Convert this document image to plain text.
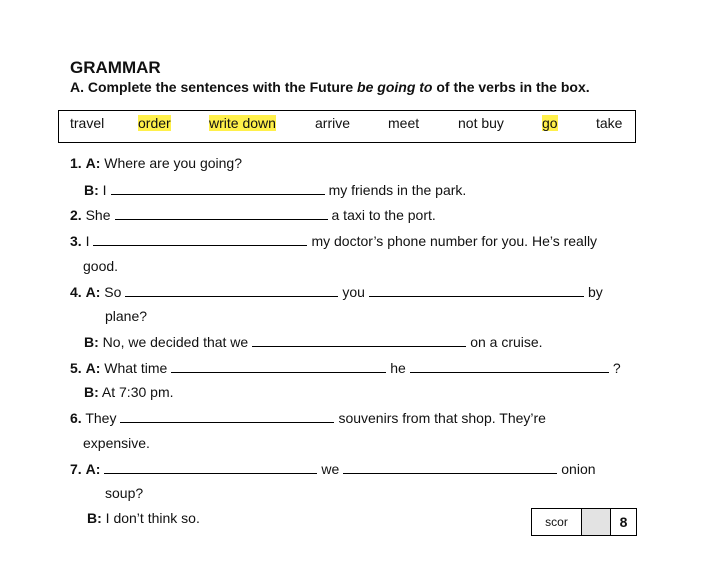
GRAMMAR
A. Complete the sentences with the Future be going to of the verbs in the box.
travel order	write down	arrive	meet	not buy	go	take
1. A: Where are you going?
B: I	my friends in the park.
2. She	a taxi to the port.
3. I	my doctor’s phone number for you. He’s really
good.
4. A: So	you	by
plane?
B: No, we decided that we	on a cruise.
5. A: What time	he	?
B: At 7:30 pm.
6. They	souvenirs from that shop. They’re
expensive.
7. A:	we	onion
soup?
B: I don’t think so.	scor	8
